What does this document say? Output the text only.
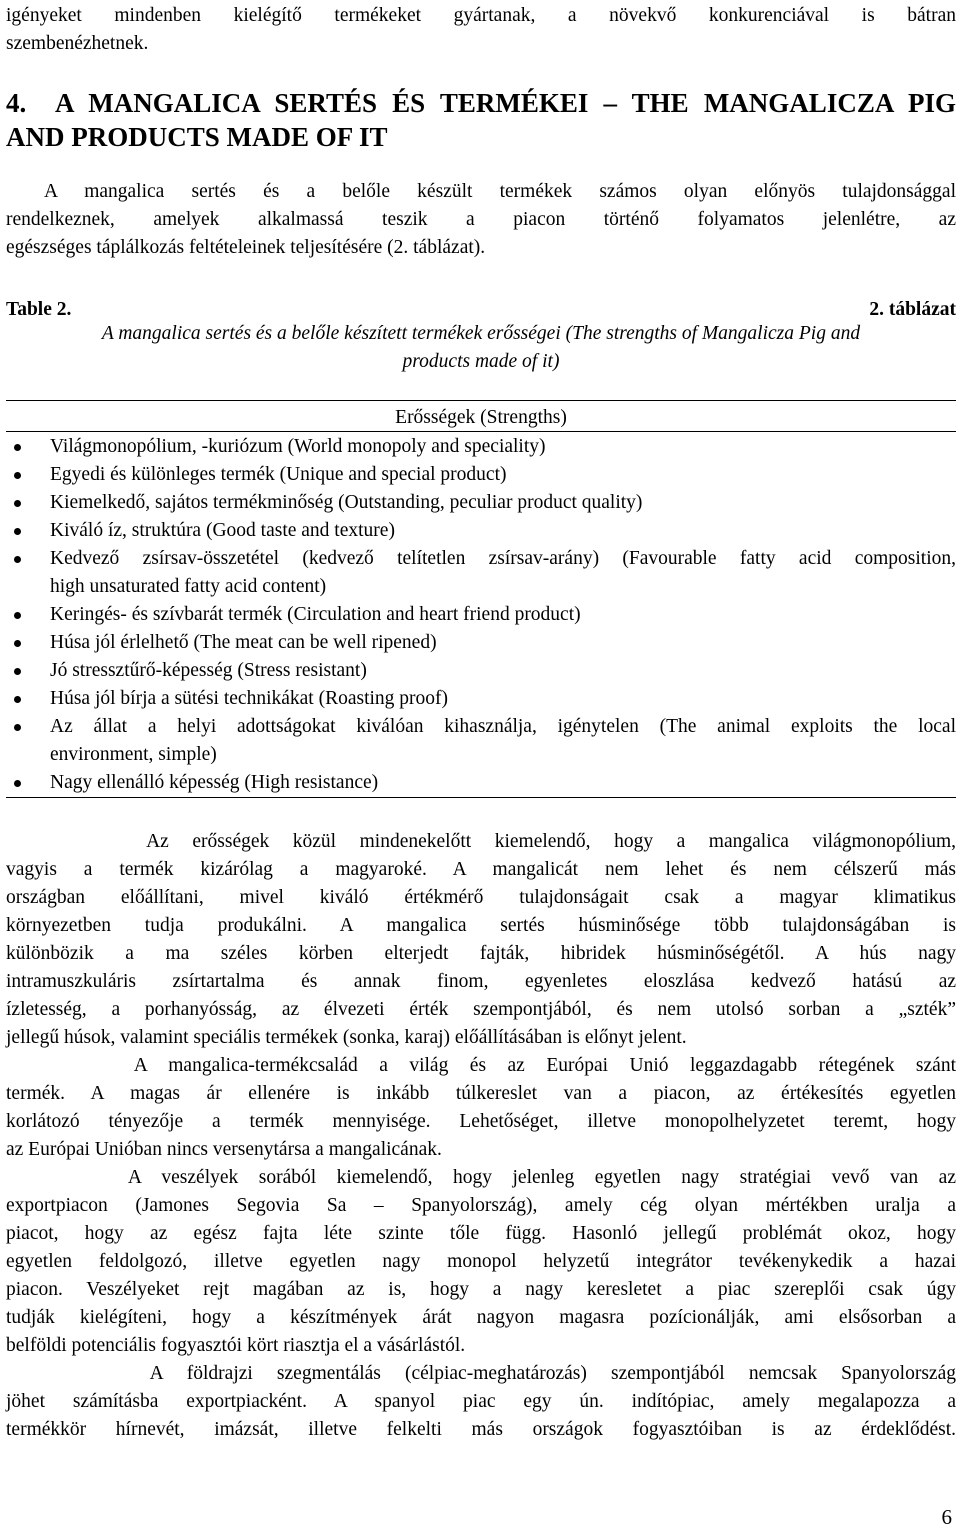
igényeket mindenben kielégítő termékeket gyártanak, a növekvő konkurenciával is bátran
szembenézhetnek.
4.  A MANGALICA SERTÉS ÉS TERMÉKEI – THE MANGALICZA PIG
AND PRODUCTS MADE OF IT
A mangalica sertés és a belőle készült termékek számos olyan előnyös tulajdonsággal
rendelkeznek, amelyek alkalmassá teszik a piacon történő folyamatos jelenlétre, az
egészséges táplálkozás feltételeinek teljesítésére (2. táblázat).
Table 2.	2. táblázat
A mangalica sertés és a belőle készített termékek erősségei (The strengths of Mangalicza Pig and
products made of it)
Erősségek (Strengths)
Világmonopólium, -kuriózum (World monopoly and speciality)
Egyedi és különleges termék (Unique and special product)
Kiemelkedő, sajátos termékminőség (Outstanding, peculiar product quality)
Kiváló íz, struktúra (Good taste and texture)
Kedvező zsírsav-összetétel (kedvező telítetlen zsírsav-arány) (Favourable fatty acid composition,
high unsaturated fatty acid content)
Keringés- és szívbarát termék (Circulation and heart friend product)
Húsa jól érlelhető (The meat can be well ripened)
Jó stressztűrő-képesség (Stress resistant)
Húsa jól bírja a sütési technikákat (Roasting proof)
Az állat a helyi adottságokat kiválóan kihasználja, igénytelen (The animal exploits the local
environment, simple)
Nagy ellenálló képesség (High resistance)
Az erősségek közül mindenekelőtt kiemelendő, hogy a mangalica világmonopólium,
vagyis a termék kizárólag a magyaroké. A mangalicát nem lehet és nem célszerű más
országban előállítani, mivel kiváló értékmérő tulajdonságait csak a magyar klimatikus
környezetben tudja produkálni. A mangalica sertés húsminősége több tulajdonságában is
különbözik a ma széles körben elterjedt fajták, hibridek húsminőségétől. A hús nagy
intramuszkuláris zsírtartalma és annak finom, egyenletes eloszlása kedvező hatású az
ízletesség, a porhanyósság, az élvezeti érték szempontjából, és nem utolsó sorban a „szték”
jellegű húsok, valamint speciális termékek (sonka, karaj) előállításában is előnyt jelent.
A mangalica-termékcsalád a világ és az Európai Unió leggazdagabb rétegének szánt
termék. A magas ár ellenére is inkább túlkereslet van a piacon, az értékesítés egyetlen
korlátozó tényezője a termék mennyisége. Lehetőséget, illetve monopolhelyzetet teremt, hogy
az Európai Unióban nincs versenytársa a mangalicának.
A veszélyek sorából kiemelendő, hogy jelenleg egyetlen nagy stratégiai vevő van az
exportpiacon (Jamones Segovia Sa – Spanyolország), amely cég olyan mértékben uralja a
piacot, hogy az egész fajta léte szinte tőle függ. Hasonló jellegű problémát okoz, hogy
egyetlen feldolgozó, illetve egyetlen nagy monopol helyzetű integrátor tevékenykedik a hazai
piacon. Veszélyeket rejt magában az is, hogy a nagy keresletet a piac szereplői csak úgy
tudják kielégíteni, hogy a készítmények árát nagyon magasra pozícionálják, ami elsősorban a
belföldi potenciális fogyasztói kört riasztja el a vásárlástól.
A földrajzi szegmentálás (célpiac-meghatározás) szempontjából nemcsak Spanyolország
jöhet számításba exportpiacként. A spanyol piac egy ún. indítópiac, amely megalapozza a
termékkör hírnevét, imázsát, illetve felkelti más országok fogyasztóiban is az érdeklődést.
6
